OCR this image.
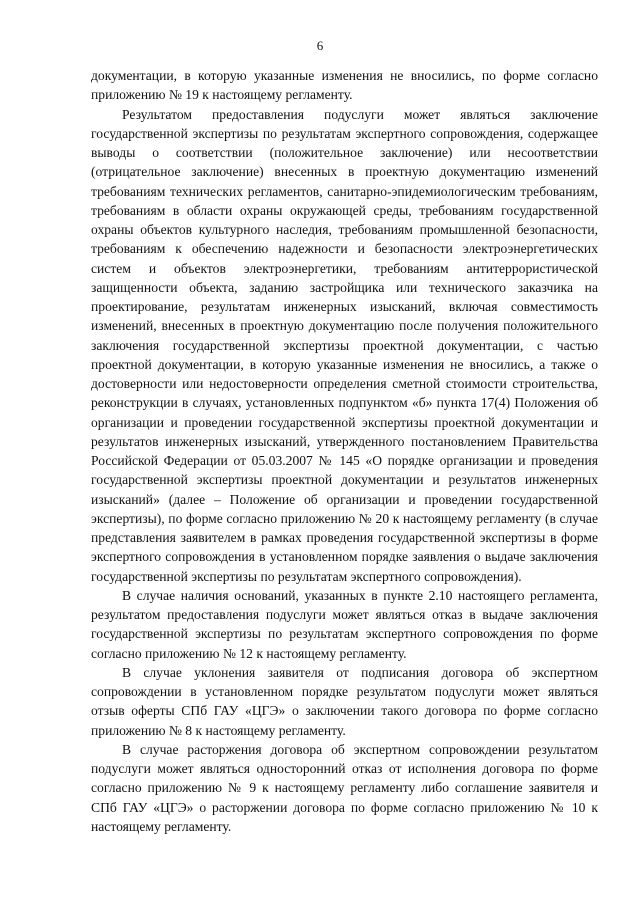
6

документации, в которую указанные изменения не вносились, по форме согласно приложению № 19 к настоящему регламенту.

Результатом предоставления подуслуги может являться заключение государственной экспертизы по результатам экспертного сопровождения, содержащее выводы о соответствии (положительное заключение) или несоответствии (отрицательное заключение) внесенных в проектную документацию изменений требованиям технических регламентов, санитарно-эпидемиологическим требованиям, требованиям в области охраны окружающей среды, требованиям государственной охраны объектов культурного наследия, требованиям промышленной безопасности, требованиям к обеспечению надежности и безопасности электроэнергетических систем и объектов электроэнергетики, требованиям антитеррористической защищенности объекта, заданию застройщика или технического заказчика на проектирование, результатам инженерных изысканий, включая совместимость изменений, внесенных в проектную документацию после получения положительного заключения государственной экспертизы проектной документации, с частью проектной документации, в которую указанные изменения не вносились, а также о достоверности или недостоверности определения сметной стоимости строительства, реконструкции в случаях, установленных подпунктом «б» пункта 17(4) Положения об организации и проведении государственной экспертизы проектной документации и результатов инженерных изысканий, утвержденного постановлением Правительства Российской Федерации от 05.03.2007 № 145 «О порядке организации и проведения государственной экспертизы проектной документации и результатов инженерных изысканий» (далее – Положение об организации и проведении государственной экспертизы), по форме согласно приложению № 20 к настоящему регламенту (в случае представления заявителем в рамках проведения государственной экспертизы в форме экспертного сопровождения в установленном порядке заявления о выдаче заключения государственной экспертизы по результатам экспертного сопровождения).

В случае наличия оснований, указанных в пункте 2.10 настоящего регламента, результатом предоставления подуслуги может являться отказ в выдаче заключения государственной экспертизы по результатам экспертного сопровождения по форме согласно приложению № 12 к настоящему регламенту.

В случае уклонения заявителя от подписания договора об экспертном сопровождении в установленном порядке результатом подуслуги может являться отзыв оферты СПб ГАУ «ЦГЭ» о заключении такого договора по форме согласно приложению № 8 к настоящему регламенту.

В случае расторжения договора об экспертном сопровождении результатом подуслуги может являться односторонний отказ от исполнения договора по форме согласно приложению № 9 к настоящему регламенту либо соглашение заявителя и СПб ГАУ «ЦГЭ» о расторжении договора по форме согласно приложению № 10 к настоящему регламенту.
